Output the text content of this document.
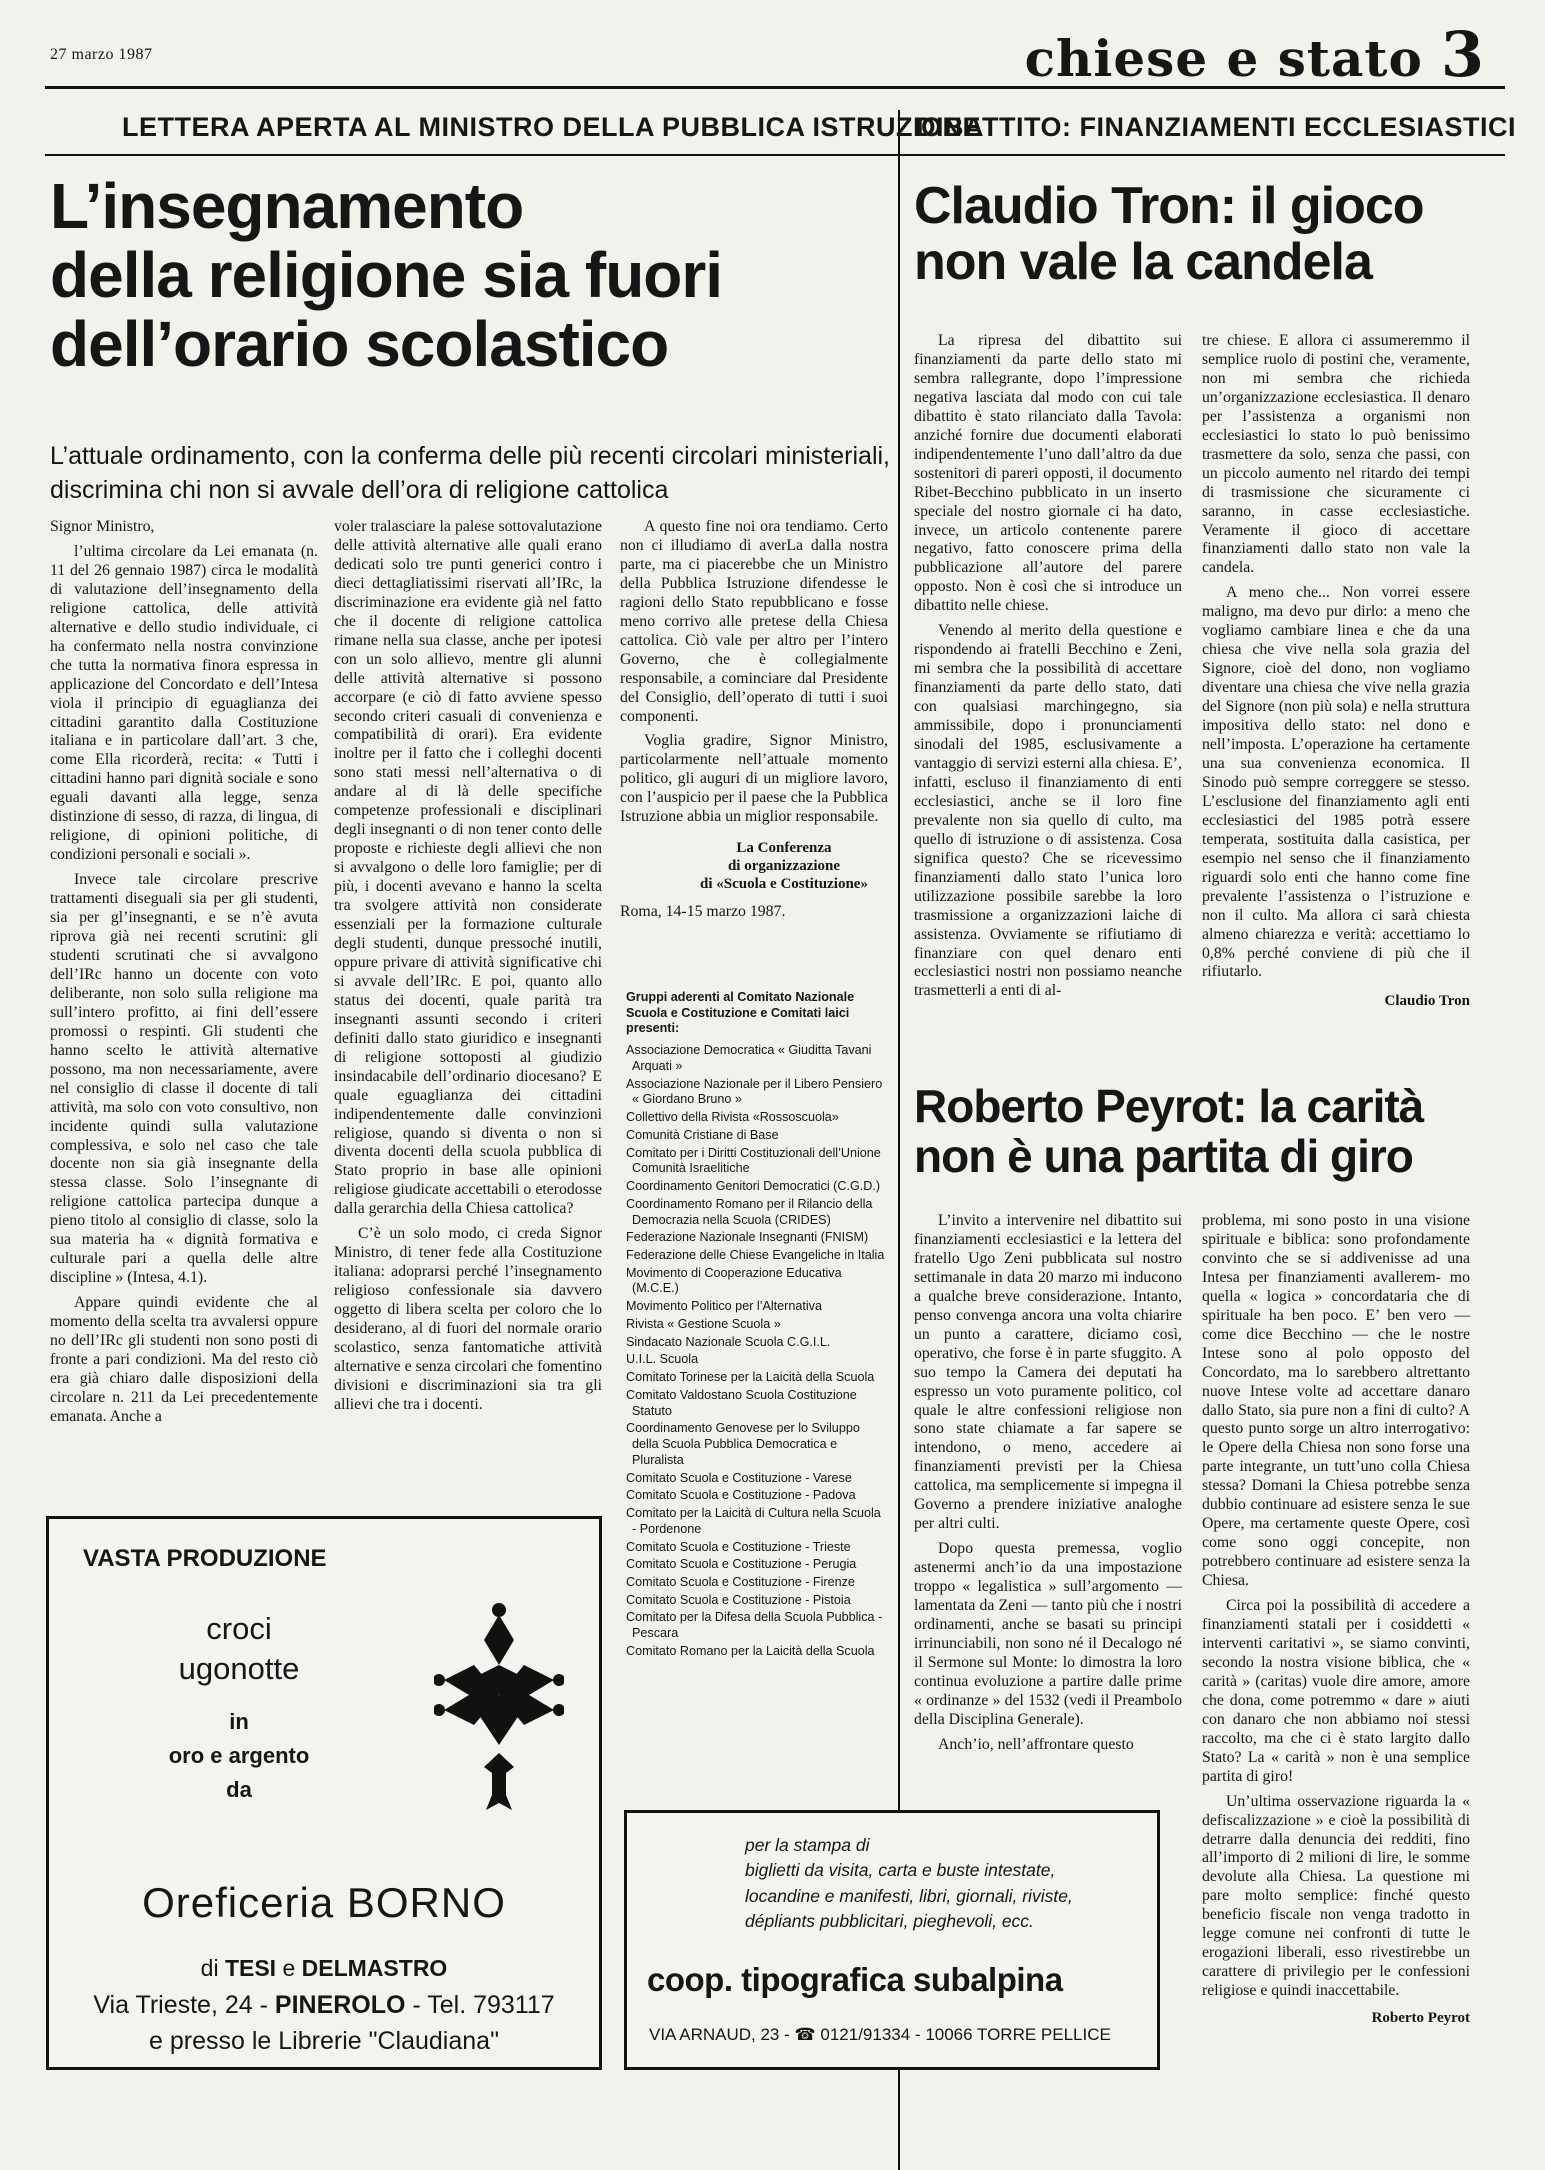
27 marzo 1987	chiese e stato 3
LETTERA APERTA AL MINISTRO DELLA PUBBLICA ISTRUZIONE
DIBATTITO: FINANZIAMENTI ECCLESIASTICI
L’insegnamento
della religione sia fuori
dell’orario scolastico
L’attuale ordinamento, con la conferma delle più recenti circolari ministeriali, discrimina chi non si avvale dell’ora di religione cattolica

Signor Ministro,

l’ultima circolare da Lei emanata (n. 11 del 26 gennaio 1987) circa le modalità di valutazione dell’insegnamento della religione cattolica, delle attività alternative e dello studio individuale, ci ha confermato nella nostra convinzione che tutta la normativa finora espressa in applicazione del Concordato e dell’Intesa viola il principio di eguaglianza dei cittadini garantito dalla Costituzione italiana e in particolare dall’art. 3 che, come Ella ricorderà, recita: « Tutti i cittadini hanno pari dignità sociale e sono eguali davanti alla legge, senza distinzione di sesso, di razza, di lingua, di religione, di opinioni politiche, di condizioni personali e sociali ».

Invece tale circolare prescrive trattamenti diseguali sia per gli studenti, sia per gl’insegnanti, e se n’è avuta riprova già nei recenti scrutini: gli studenti scrutinati che si avvalgono dell’IRc hanno un docente con voto deliberante, non solo sulla religione ma sull’intero profitto, ai fini dell’essere promossi o respinti. Gli studenti che hanno scelto le attività alternative possono, ma non necessariamente, avere nel consiglio di classe il docente di tali attività, ma solo con voto consultivo, non incidente quindi sulla valutazione complessiva, e solo nel caso che tale docente non sia già insegnante della stessa classe. Solo l’insegnante di religione cattolica partecipa dunque a pieno titolo al consiglio di classe, solo la sua materia ha « dignità formativa e culturale pari a quella delle altre discipline » (Intesa, 4.1).

Appare quindi evidente che al momento della scelta tra avvalersi oppure no dell’IRc gli studenti non sono posti di fronte a pari condizioni. Ma del resto ciò era già chiaro dalle disposizioni della circolare n. 211 da Lei precedentemente emanata. Anche a

voler tralasciare la palese sottovalutazione delle attività alternative alle quali erano dedicati solo tre punti generici contro i dieci dettagliatissimi riservati all’IRc, la discriminazione era evidente già nel fatto che il docente di religione cattolica rimane nella sua classe, anche per ipotesi con un solo allievo, mentre gli alunni delle attività alternative si possono accorpare (e ciò di fatto avviene spesso secondo criteri casuali di convenienza e compatibilità di orari). Era evidente inoltre per il fatto che i colleghi docenti sono stati messi nell’alternativa o di andare al di là delle specifiche competenze professionali e disciplinari degli insegnanti o di non tener conto delle proposte e richieste degli allievi che non si avvalgono o delle loro famiglie; per di più, i docenti avevano e hanno la scelta tra svolgere attività non considerate essenziali per la formazione culturale degli studenti, dunque pressoché inutili, oppure privare di attività significative chi si avvale dell’IRc. E poi, quanto allo status dei docenti, quale parità tra insegnanti assunti secondo i criteri definiti dallo stato giuridico e insegnanti di religione sottoposti al giudizio insindacabile dell’ordinario diocesano? E quale eguaglianza dei cittadini indipendentemente dalle convinzioni religiose, quando si diventa o non si diventa docenti della scuola pubblica di Stato proprio in base alle opinioni religiose giudicate accettabili o eterodosse dalla gerarchia della Chiesa cattolica?

C’è un solo modo, ci creda Signor Ministro, di tener fede alla Costituzione italiana: adoprarsi perché l’insegnamento religioso confessionale sia davvero oggetto di libera scelta per coloro che lo desiderano, al di fuori del normale orario scolastico, senza fantomatiche attività alternative e senza circolari che fomentino divisioni e discriminazioni sia tra gli allievi che tra i docenti.

A questo fine noi ora tendiamo. Certo non ci illudiamo di averLa dalla nostra parte, ma ci piacerebbe che un Ministro della Pubblica Istruzione difendesse le ragioni dello Stato repubblicano e fosse meno corrivo alle pretese della Chiesa cattolica. Ciò vale per altro per l’intero Governo, che è collegialmente responsabile, a cominciare dal Presidente del Consiglio, dell’operato di tutti i suoi componenti.

Voglia gradire, Signor Ministro, particolarmente nell’attuale momento politico, gli auguri di un migliore lavoro, con l’auspicio per il paese che la Pubblica Istruzione abbia un miglior responsabile.

La Conferenza
di organizzazione
di «Scuola e Costituzione»
Roma, 14-15 marzo 1987.
Gruppi aderenti al Comitato Nazionale Scuola e Costituzione e Comitati laici presenti:
Associazione Democratica « Giuditta Tavani Arquati »
Associazione Nazionale per il Libero Pensiero « Giordano Bruno »
Collettivo della Rivista «Rossoscuola»
Comunità Cristiane di Base
Comitato per i Diritti Costituzionali dell’Unione Comunità Israelitiche
Coordinamento Genitori Democratici (C.G.D.)
Coordinamento Romano per il Rilancio della Democrazia nella Scuola (CRIDES)
Federazione Nazionale Insegnanti (FNISM)
Federazione delle Chiese Evangeliche in Italia
Movimento di Cooperazione Educativa (M.C.E.)
Movimento Politico per l’Alternativa
Rivista « Gestione Scuola »
Sindacato Nazionale Scuola C.G.I.L.
U.I.L. Scuola
Comitato Torinese per la Laicità della Scuola
Comitato Valdostano Scuola Costituzione Statuto
Coordinamento Genovese per lo Sviluppo della Scuola Pubblica Democratica e Pluralista
Comitato Scuola e Costituzione - Varese
Comitato Scuola e Costituzione - Padova
Comitato per la Laicità di Cultura nella Scuola - Pordenone
Comitato Scuola e Costituzione - Trieste
Comitato Scuola e Costituzione - Perugia
Comitato Scuola e Costituzione - Firenze
Comitato Scuola e Costituzione - Pistoia
Comitato per la Difesa della Scuola Pubblica - Pescara
Comitato Romano per la Laicità della Scuola
VASTA PRODUZIONE
croci
ugonotte
in
oro e argento
da
Oreficeria BORNO
di TESI e DELMASTRO
Via Trieste, 24 - PINEROLO - Tel. 793117
e presso le Librerie "Claudiana"
per la stampa di
biglietti da visita, carta e buste intestate,
locandine e manifesti, libri, giornali, riviste,
dépliants pubblicitari, pieghevoli, ecc.
coop. tipografica subalpina
VIA ARNAUD, 23 - ☎ 0121/91334 - 10066 TORRE PELLICE
Claudio Tron: il gioco
non vale la candela

La ripresa del dibattito sui finanziamenti da parte dello stato mi sembra rallegrante, dopo l’impressione negativa lasciata dal modo con cui tale dibattito è stato rilanciato dalla Tavola: anziché fornire due documenti elaborati indipendentemente l’uno dall’altro da due sostenitori di pareri opposti, il documento Ribet-Becchino pubblicato in un inserto speciale del nostro giornale ci ha dato, invece, un articolo contenente parere negativo, fatto conoscere prima della pubblicazione all’autore del parere opposto. Non è così che si introduce un dibattito nelle chiese.

Venendo al merito della questione e rispondendo ai fratelli Becchino e Zeni, mi sembra che la possibilità di accettare finanziamenti da parte dello stato, dati con qualsiasi marchingegno, sia ammissibile, dopo i pronunciamenti sinodali del 1985, esclusivamente a vantaggio di servizi esterni alla chiesa. E’, infatti, escluso il finanziamento di enti ecclesiastici, anche se il loro fine prevalente non sia quello di culto, ma quello di istruzione o di assistenza. Cosa significa questo? Che se ricevessimo finanziamenti dallo stato l’unica loro utilizzazione possibile sarebbe la loro trasmissione a organizzazioni laiche di assistenza. Ovviamente se rifiutiamo di finanziare con quel denaro enti ecclesiastici nostri non possiamo neanche trasmetterli a enti di al-

tre chiese. E allora ci assumeremmo il semplice ruolo di postini che, veramente, non mi sembra che richieda un’organizzazione ecclesiastica. Il denaro per l’assistenza a organismi non ecclesiastici lo stato lo può benissimo trasmettere da solo, senza che passi, con un piccolo aumento nel ritardo dei tempi di trasmissione che sicuramente ci saranno, in casse ecclesiastiche. Veramente il gioco di accettare finanziamenti dallo stato non vale la candela.

A meno che... Non vorrei essere maligno, ma devo pur dirlo: a meno che vogliamo cambiare linea e che da una chiesa che vive nella sola grazia del Signore, cioè del dono, non vogliamo diventare una chiesa che vive nella grazia del Signore (non più sola) e nella struttura impositiva dello stato: nel dono e nell’imposta. L’operazione ha certamente una sua convenienza economica. Il Sinodo può sempre correggere se stesso. L’esclusione del finanziamento agli enti ecclesiastici del 1985 potrà essere temperata, sostituita dalla casistica, per esempio nel senso che il finanziamento riguardi solo enti che hanno come fine prevalente l’assistenza o l’istruzione e non il culto. Ma allora ci sarà chiesta almeno chiarezza e verità: accettiamo lo 0,8% perché conviene di più che il rifiutarlo.

Claudio Tron
Roberto Peyrot: la carità
non è una partita di giro

L’invito a intervenire nel dibattito sui finanziamenti ecclesiastici e la lettera del fratello Ugo Zeni pubblicata sul nostro settimanale in data 20 marzo mi inducono a qualche breve considerazione. Intanto, penso convenga ancora una volta chiarire un punto a carattere, diciamo così, operativo, che forse è in parte sfuggito. A suo tempo la Camera dei deputati ha espresso un voto puramente politico, col quale le altre confessioni religiose non sono state chiamate a far sapere se intendono, o meno, accedere ai finanziamenti previsti per la Chiesa cattolica, ma semplicemente si impegna il Governo a prendere iniziative analoghe per altri culti.

Dopo questa premessa, voglio astenermi anch’io da una impostazione troppo « legalistica » sull’argomento — lamentata da Zeni — tanto più che i nostri ordinamenti, anche se basati su principi irrinunciabili, non sono né il Decalogo né il Sermone sul Monte: lo dimostra la loro continua evoluzione a partire dalle prime « ordinanze » del 1532 (vedi il Preambolo della Disciplina Generale).

Anch’io, nell’affrontare questo

problema, mi sono posto in una visione spirituale e biblica: sono profondamente convinto che se si addivenisse ad una Intesa per finanziamenti avallerem- mo quella « logica » concordataria che di spirituale ha ben poco. E’ ben vero — come dice Becchino — che le nostre Intese sono al polo opposto del Concordato, ma lo sarebbero altrettanto nuove Intese volte ad accettare danaro dallo Stato, sia pure non a fini di culto? A questo punto sorge un altro interrogativo: le Opere della Chiesa non sono forse una parte integrante, un tutt’uno colla Chiesa stessa? Domani la Chiesa potrebbe senza dubbio continuare ad esistere senza le sue Opere, ma certamente queste Opere, così come sono oggi concepite, non potrebbero continuare ad esistere senza la Chiesa.

Circa poi la possibilità di accedere a finanziamenti statali per i cosiddetti « interventi caritativi », se siamo convinti, secondo la nostra visione biblica, che « carità » (caritas) vuole dire amore, amore che dona, come potremmo « dare » aiuti con danaro che non abbiamo noi stessi raccolto, ma che ci è stato largito dallo Stato? La « carità » non è una semplice partita di giro!

Un’ultima osservazione riguarda la « defiscalizzazione » e cioè la possibilità di detrarre dalla denuncia dei redditi, fino all’importo di 2 milioni di lire, le somme devolute alla Chiesa. La questione mi pare molto semplice: finché questo beneficio fiscale non venga tradotto in legge comune nei confronti di tutte le erogazioni liberali, esso rivestirebbe un carattere di privilegio per le confessioni religiose e quindi inaccettabile.

Roberto Peyrot
